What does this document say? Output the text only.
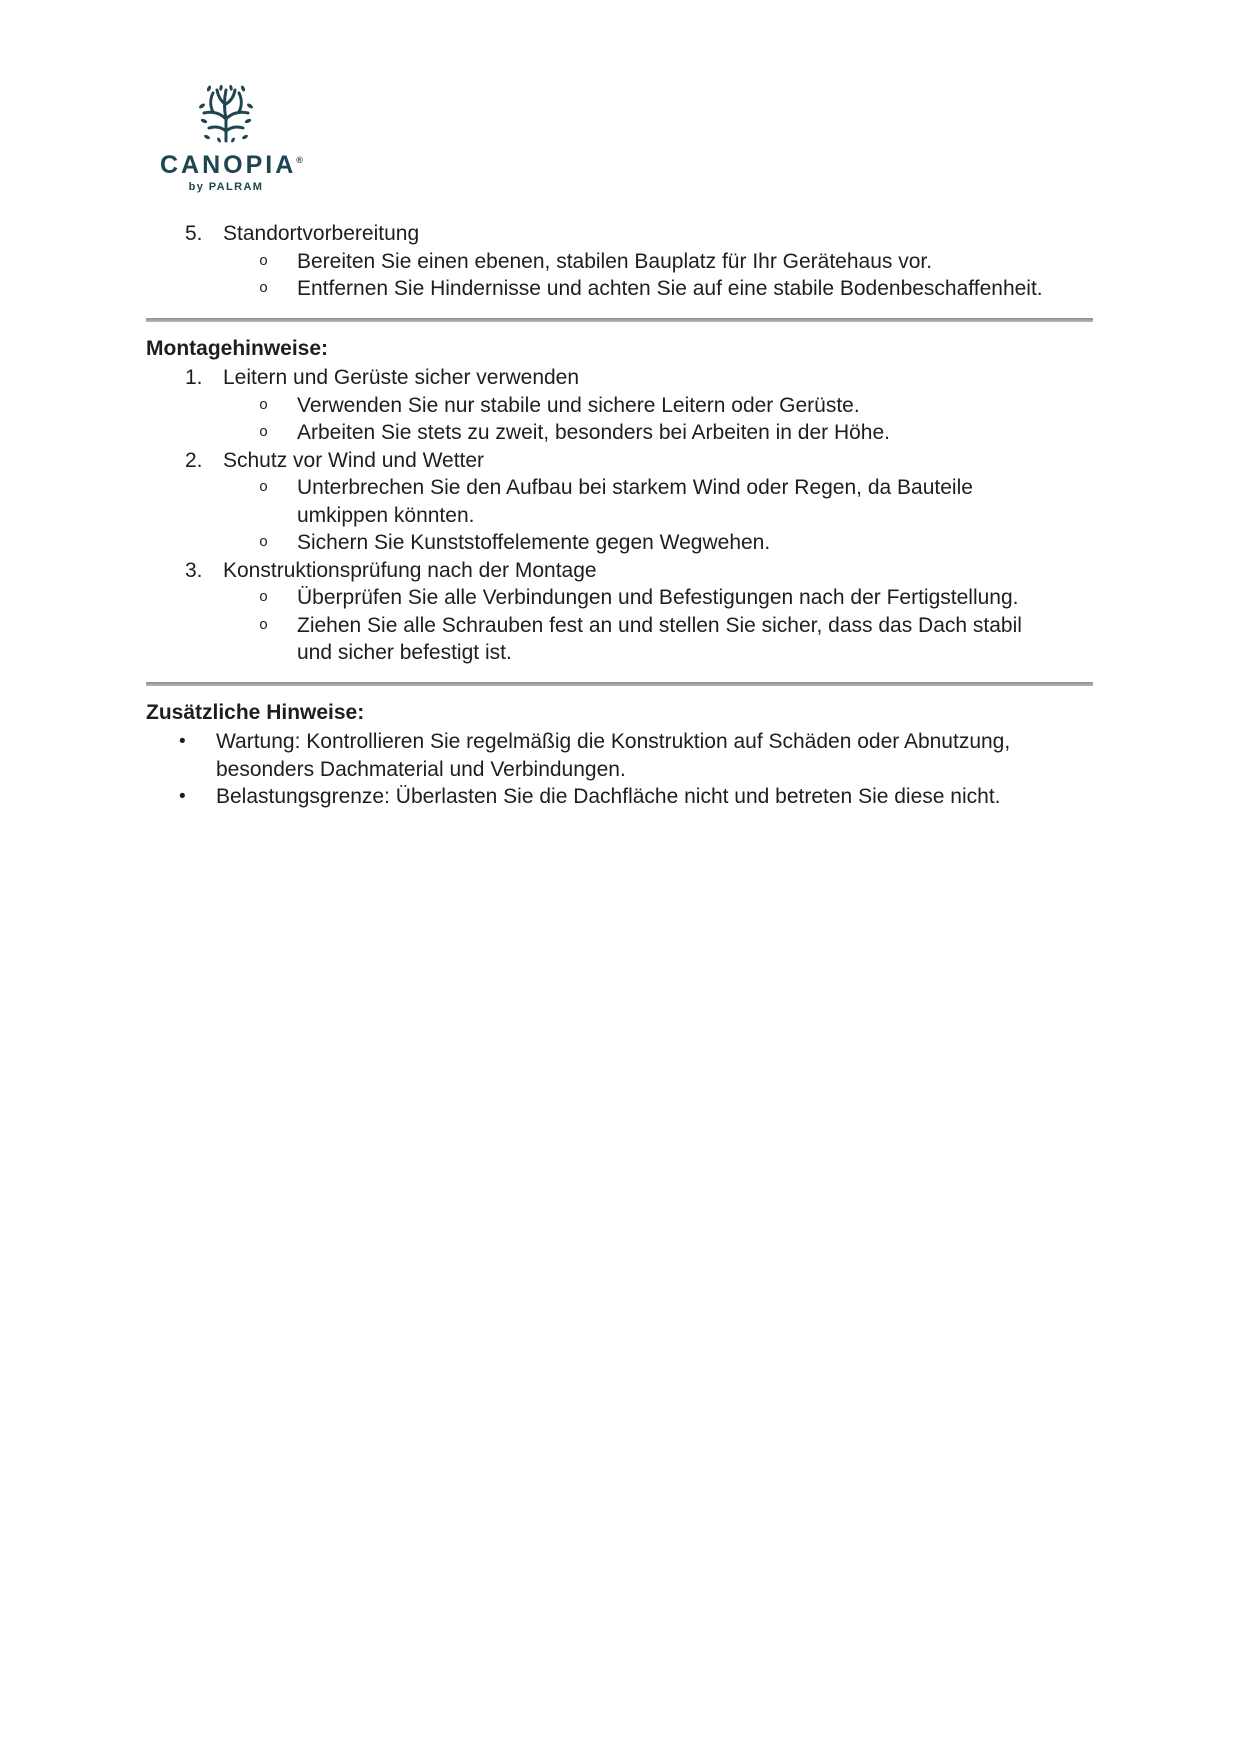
CANOPIA®
by PALRAM
5. Standortvorbereitung
o	Bereiten Sie einen ebenen, stabilen Bauplatz für Ihr Gerätehaus vor.
o	Entfernen Sie Hindernisse und achten Sie auf eine stabile Bodenbeschaffenheit.
Montagehinweise:
1. Leitern und Gerüste sicher verwenden
o	Verwenden Sie nur stabile und sichere Leitern oder Gerüste.
o	Arbeiten Sie stets zu zweit, besonders bei Arbeiten in der Höhe.
2. Schutz vor Wind und Wetter
o	Unterbrechen Sie den Aufbau bei starkem Wind oder Regen, da Bauteile
umkippen könnten.
o	Sichern Sie Kunststoffelemente gegen Wegwehen.
3. Konstruktionsprüfung nach der Montage
o	Überprüfen Sie alle Verbindungen und Befestigungen nach der Fertigstellung.
o	Ziehen Sie alle Schrauben fest an und stellen Sie sicher, dass das Dach stabil
und sicher befestigt ist.
Zusätzliche Hinweise:
•	Wartung: Kontrollieren Sie regelmäßig die Konstruktion auf Schäden oder Abnutzung,
besonders Dachmaterial und Verbindungen.
•	Belastungsgrenze: Überlasten Sie die Dachfläche nicht und betreten Sie diese nicht.
